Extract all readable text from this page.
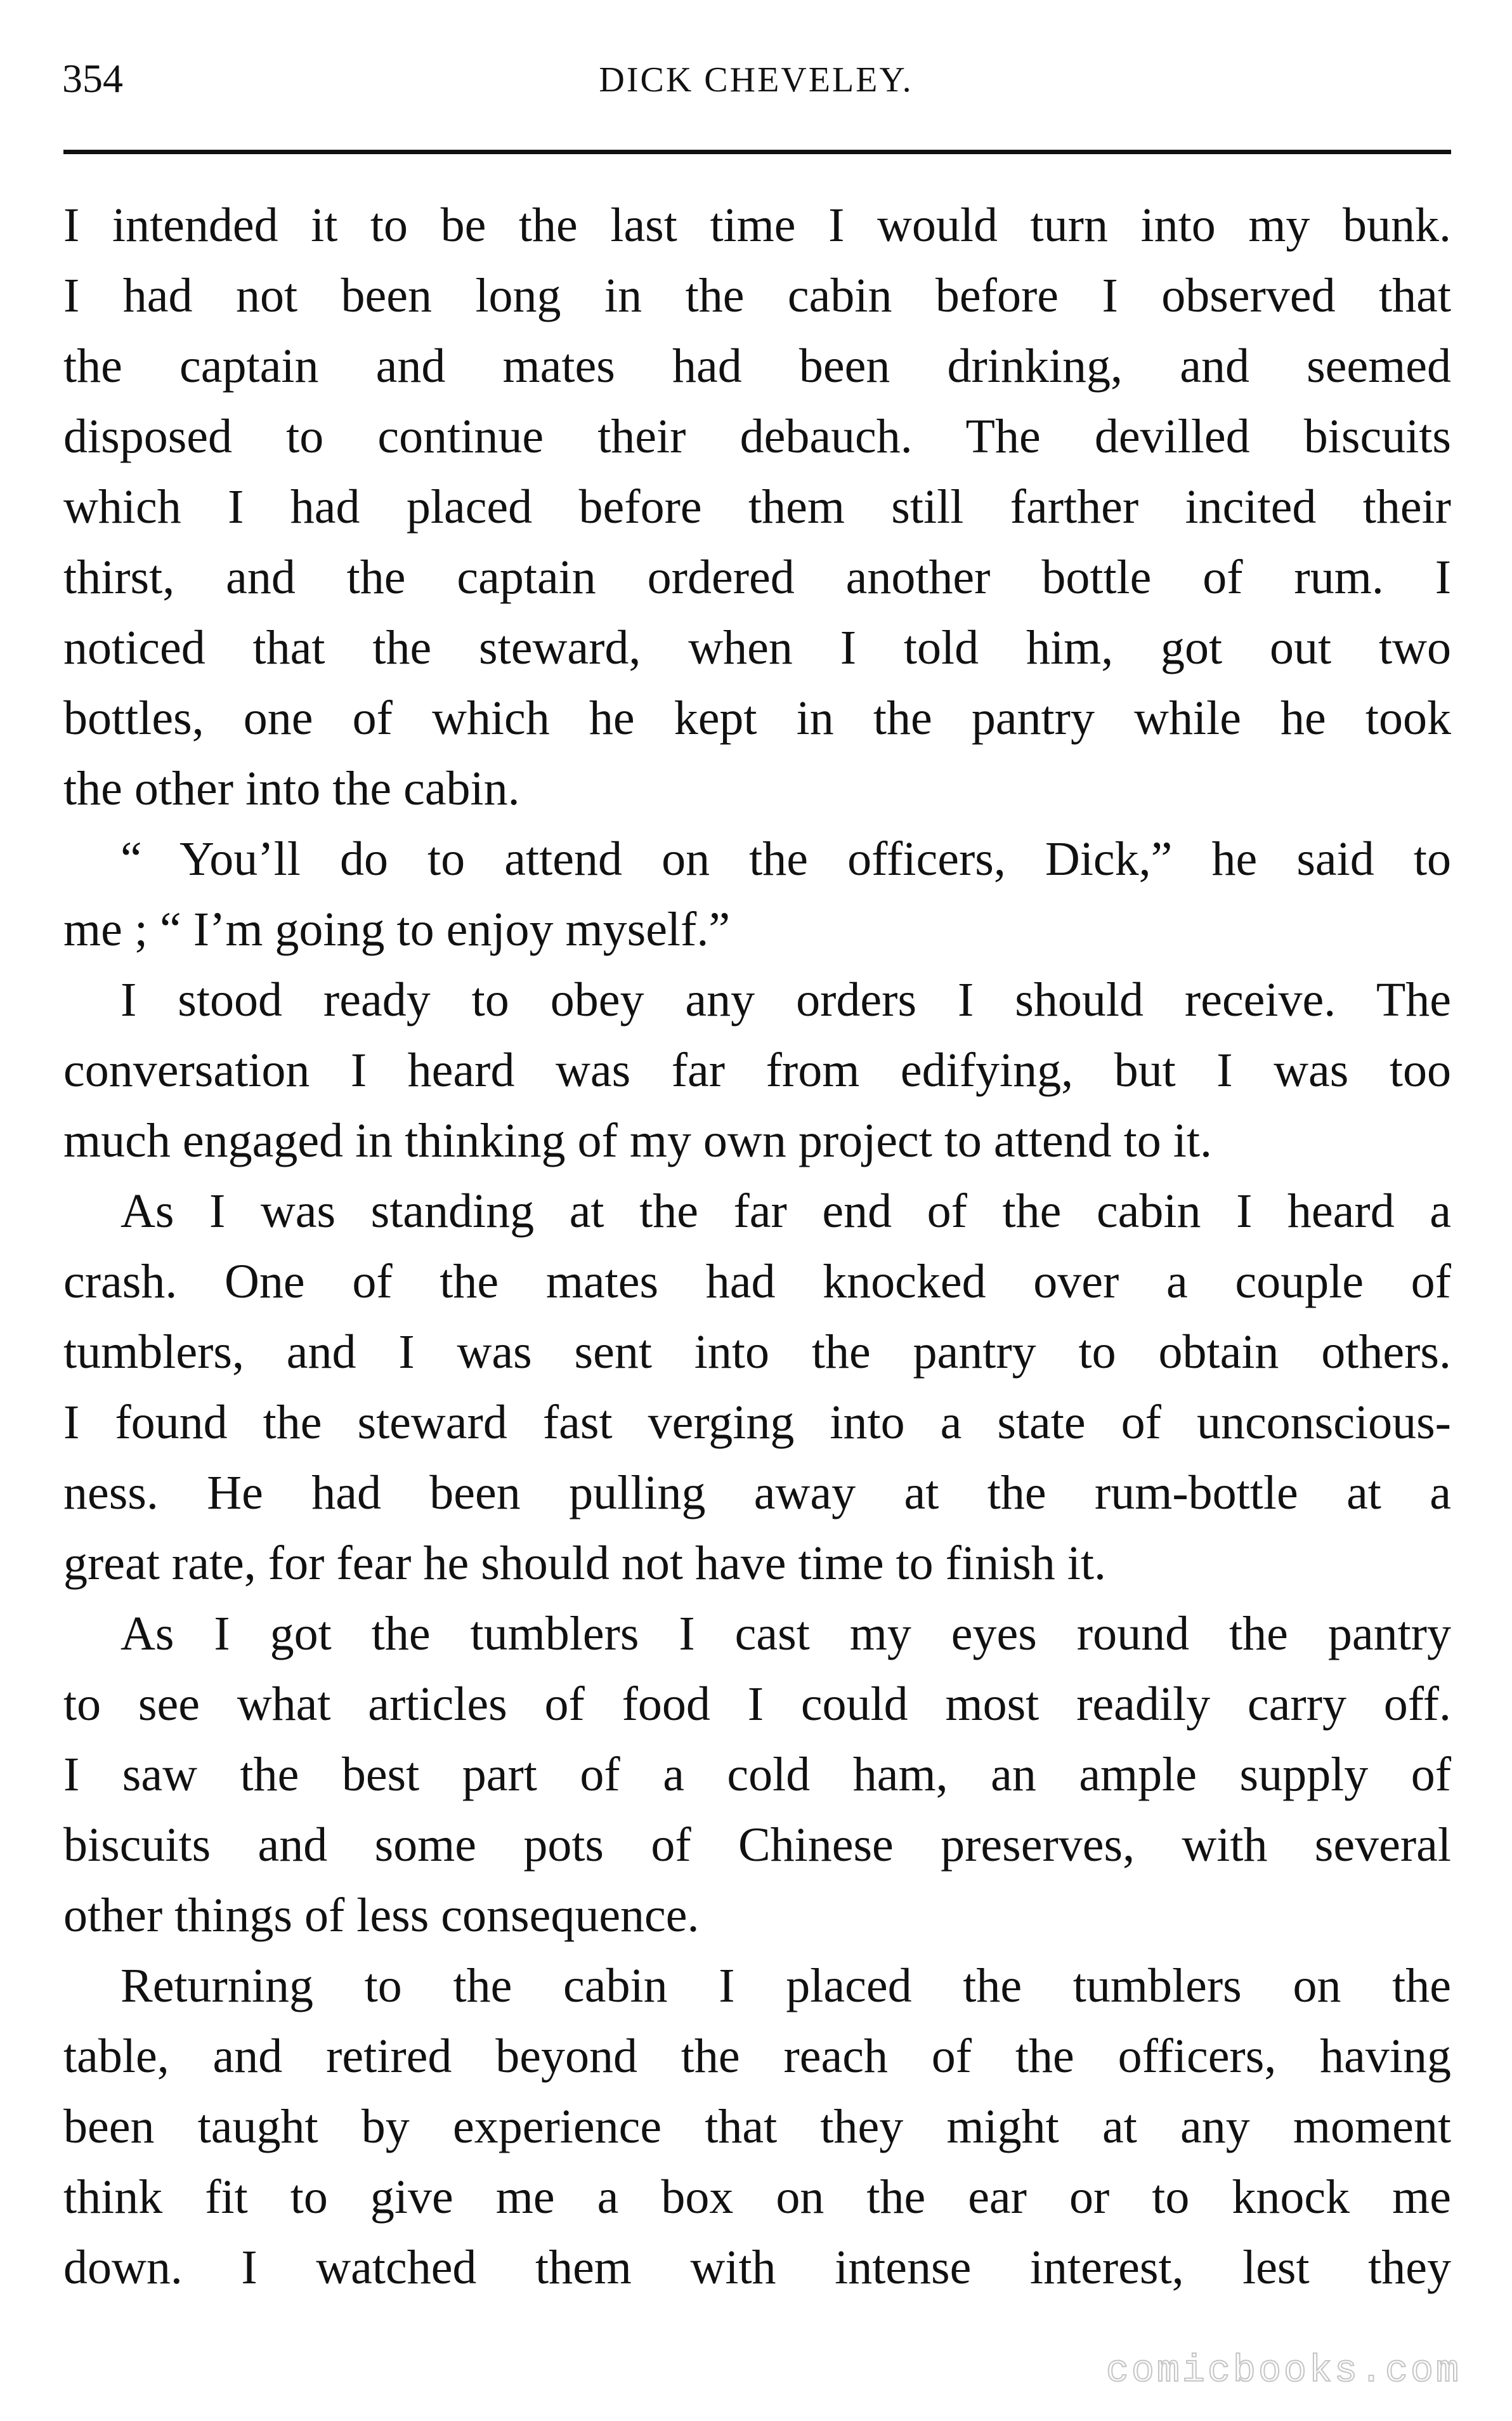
354	DICK CHEVELEY.
I intended it to be the last time I would turn into my bunk.
I had not been long in the cabin before I observed that
the captain and mates had been drinking, and seemed
disposed to continue their debauch. The devilled biscuits
which I had placed before them still farther incited their
thirst, and the captain ordered another bottle of rum. I
noticed that the steward, when I told him, got out two
bottles, one of which he kept in the pantry while he took
the other into the cabin.
“ You’ll do to attend on the officers, Dick,” he said to
me ; “ I’m going to enjoy myself.”
I stood ready to obey any orders I should receive. The
conversation I heard was far from edifying, but I was too
much engaged in thinking of my own project to attend to it.
As I was standing at the far end of the cabin I heard a
crash. One of the mates had knocked over a couple of
tumblers, and I was sent into the pantry to obtain others.
I found the steward fast verging into a state of unconscious-
ness. He had been pulling away at the rum-bottle at a
great rate, for fear he should not have time to finish it.
As I got the tumblers I cast my eyes round the pantry
to see what articles of food I could most readily carry off.
I saw the best part of a cold ham, an ample supply of
biscuits and some pots of Chinese preserves, with several
other things of less consequence.
Returning to the cabin I placed the tumblers on the
table, and retired beyond the reach of the officers, having
been taught by experience that they might at any moment
think fit to give me a box on the ear or to knock me
down. I watched them with intense interest, lest they
comicbooks.com
